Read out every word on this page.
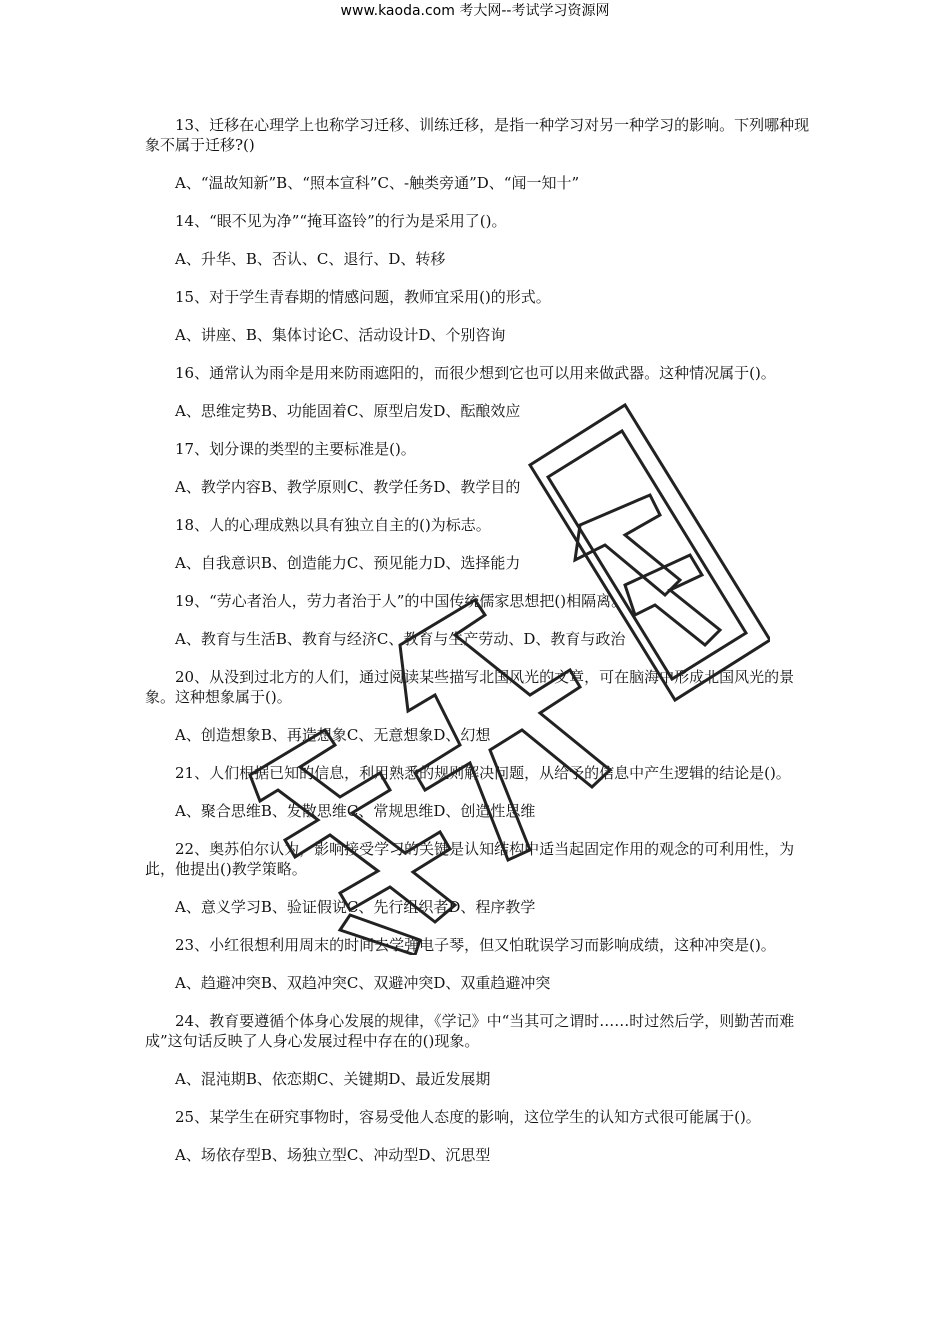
www.kaoda.com 考大网--考试学习资源网

13、迁移在心理学上也称学习迁移、训练迁移，是指一种学习对另一种学习的影响。下列哪种现象不属于迁移?()

A、“温故知新”B、“照本宣科”C、-触类旁通”D、“闻一知十”

14、“眼不见为净”“掩耳盗铃”的行为是采用了()。

A、升华、B、否认、C、退行、D、转移

15、对于学生青春期的情感问题，教师宜采用()的形式。

A、讲座、B、集体讨论C、活动设计D、个别咨询

16、通常认为雨伞是用来防雨遮阳的，而很少想到它也可以用来做武器。这种情况属于()。

A、思维定势B、功能固着C、原型启发D、酝酿效应

17、划分课的类型的主要标准是()。

A、教学内容B、教学原则C、教学任务D、教学目的

18、人的心理成熟以具有独立自主的()为标志。

A、自我意识B、创造能力C、预见能力D、选择能力

19、“劳心者治人，劳力者治于人”的中国传统儒家思想把()相隔离。

A、教育与生活B、教育与经济C、教育与生产劳动、D、教育与政治

20、从没到过北方的人们，通过阅读某些描写北国风光的文章，可在脑海中形成北国风光的景象。这种想象属于()。

A、创造想象B、再造想象C、无意想象D、幻想

21、人们根据已知的信息，利用熟悉的规则解决问题，从给予的信息中产生逻辑的结论是()。

A、聚合思维B、发散思维C、常规思维D、创造性思维

22、奥苏伯尔认为，影响接受学习的关键是认知结构中适当起固定作用的观念的可利用性，为此，他提出()教学策略。

A、意义学习B、验证假说C、先行组织者D、程序教学

23、小红很想利用周末的时间去学弹电子琴，但又怕耽误学习而影响成绩，这种冲突是()。

A、趋避冲突B、双趋冲突C、双避冲突D、双重趋避冲突

24、教育要遵循个体身心发展的规律，《学记》中“当其可之谓时……时过然后学，则勤苦而难成”这句话反映了人身心发展过程中存在的()现象。

A、混沌期B、依恋期C、关键期D、最近发展期

25、某学生在研究事物时，容易受他人态度的影响，这位学生的认知方式很可能属于()。

A、场依存型B、场独立型C、冲动型D、沉思型
